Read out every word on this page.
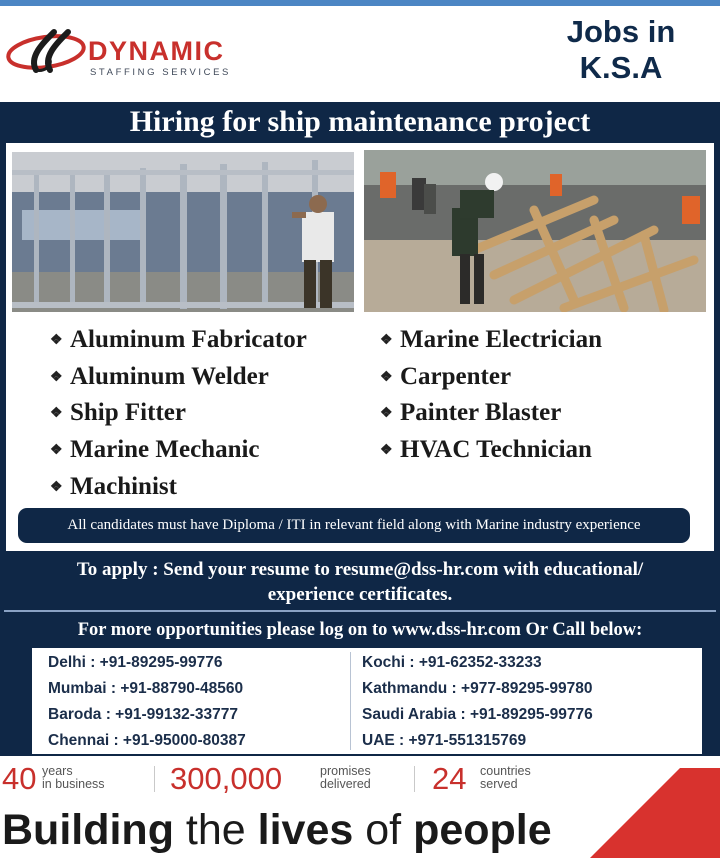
DYNAMIC
STAFFING SERVICES
Jobs in
K.S.A
Hiring for ship maintenance project
❖ Aluminum Fabricator
❖ Aluminum Welder
❖ Ship Fitter
❖ Marine Mechanic
❖ Machinist
❖ Marine Electrician
❖ Carpenter
❖ Painter Blaster
❖ HVAC Technician
All candidates must have Diploma / ITI in relevant field along with Marine industry experience
To apply : Send your resume to resume@dss-hr.com with educational/
experience certificates.
For more opportunities please log on to www.dss-hr.com Or Call below:
Delhi : +91-89295-99776
Mumbai : +91-88790-48560
Baroda : +91-99132-33777
Chennai : +91-95000-80387
Kochi : +91-62352-33233
Kathmandu : +977-89295-99780
Saudi Arabia : +91-89295-99776
UAE : +971-551315769
40 years
in business 300,000	promises
delivered 24 countries
served
Building the lives of people
